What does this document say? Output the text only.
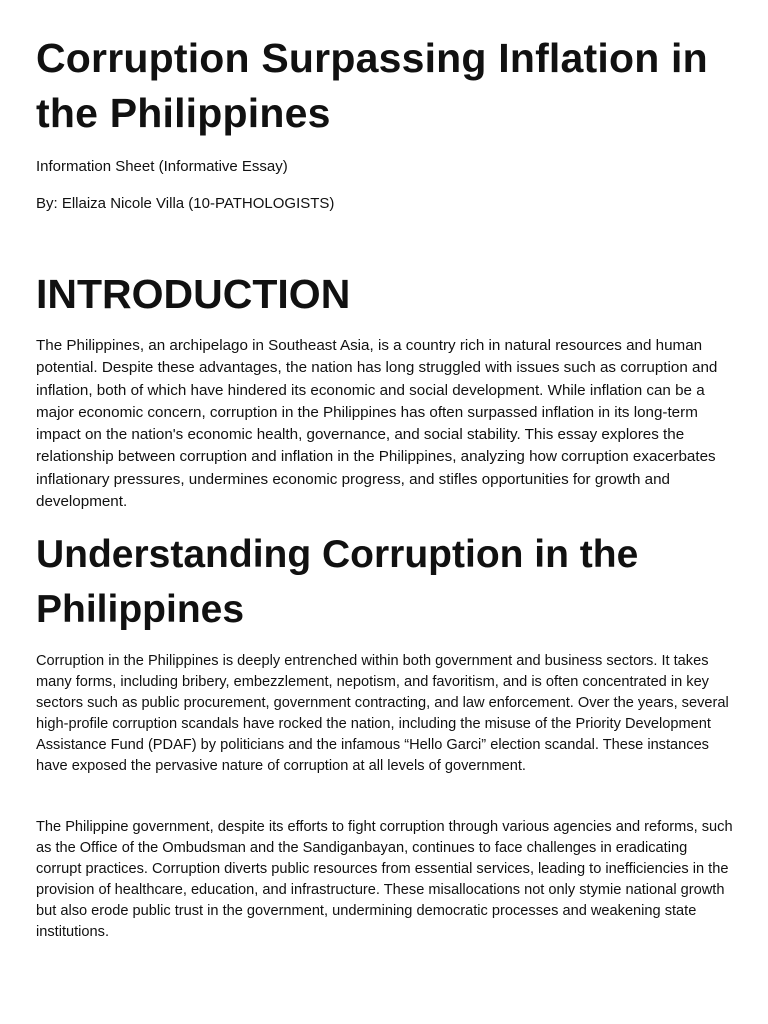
Corruption Surpassing Inflation in the Philippines

Information Sheet (Informative Essay)

By: Ellaiza Nicole Villa (10-PATHOLOGISTS)

INTRODUCTION

The Philippines, an archipelago in Southeast Asia, is a country rich in natural resources and human potential. Despite these advantages, the nation has long struggled with issues such as corruption and inflation, both of which have hindered its economic and social development. While inflation can be a major economic concern, corruption in the Philippines has often surpassed inflation in its long-term impact on the nation's economic health, governance, and social stability. This essay explores the relationship between corruption and inflation in the Philippines, analyzing how corruption exacerbates inflationary pressures, undermines economic progress, and stifles opportunities for growth and development.

Understanding Corruption in the Philippines

Corruption in the Philippines is deeply entrenched within both government and business sectors. It takes many forms, including bribery, embezzlement, nepotism, and favoritism, and is often concentrated in key sectors such as public procurement, government contracting, and law enforcement. Over the years, several high-profile corruption scandals have rocked the nation, including the misuse of the Priority Development Assistance Fund (PDAF) by politicians and the infamous “Hello Garci” election scandal. These instances have exposed the pervasive nature of corruption at all levels of government.

The Philippine government, despite its efforts to fight corruption through various agencies and reforms, such as the Office of the Ombudsman and the Sandiganbayan, continues to face challenges in eradicating corrupt practices. Corruption diverts public resources from essential services, leading to inefficiencies in the provision of healthcare, education, and infrastructure. These misallocations not only stymie national growth but also erode public trust in the government, undermining democratic processes and weakening state institutions.
